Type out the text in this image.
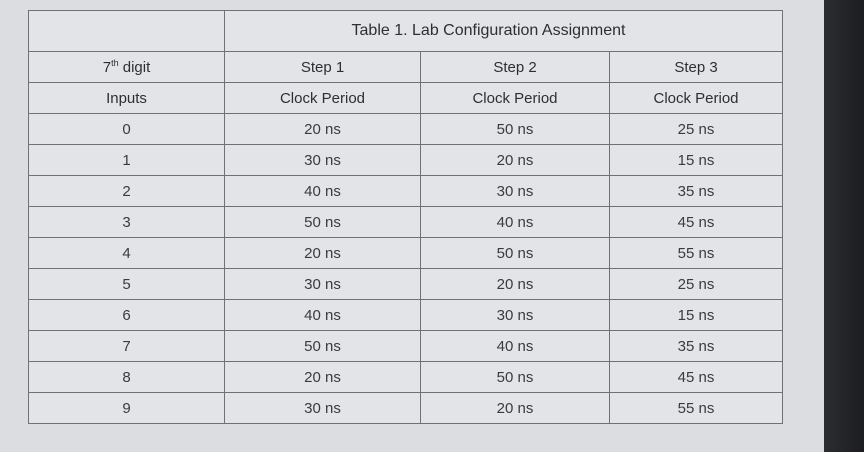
	Table 1. Lab Configuration Assignment		
7th digit	Step 1	Step 2	Step 3
Inputs	Clock Period	Clock Period	Clock Period
0	20 ns	50 ns	25 ns
1	30 ns	20 ns	15 ns
2	40 ns	30 ns	35 ns
3	50 ns	40 ns	45 ns
4	20 ns	50 ns	55 ns
5	30 ns	20 ns	25 ns
6	40 ns	30 ns	15 ns
7	50 ns	40 ns	35 ns
8	20 ns	50 ns	45 ns
9	30 ns	20 ns	55 ns
